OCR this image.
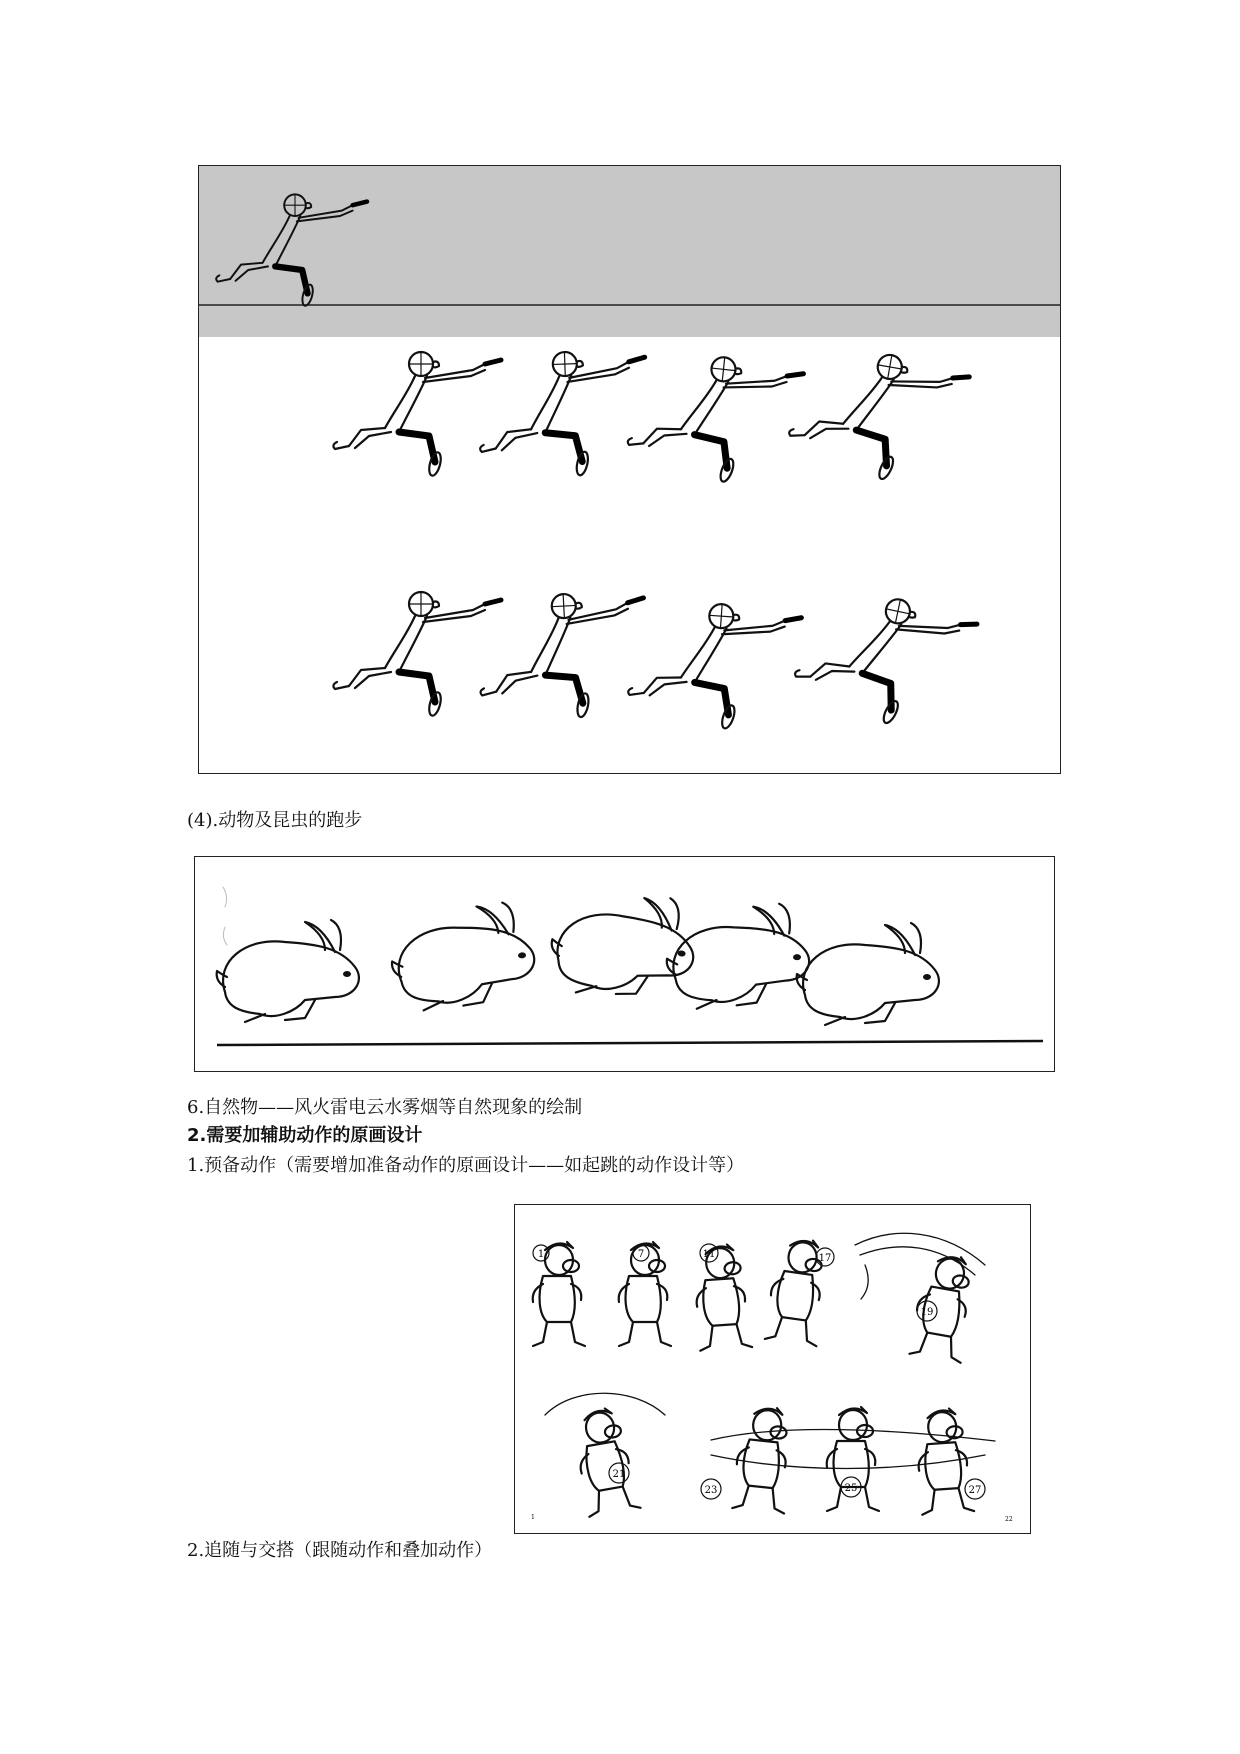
(4).动物及昆虫的跑步
6.自然物——风火雷电云水雾烟等自然现象的绘制
2.需要加辅助动作的原画设计
1.预备动作（需要增加准备动作的原画设计——如起跳的动作设计等）
1	7	11	17
19
21
23	25	27
1	22
2.追随与交搭（跟随动作和叠加动作）
